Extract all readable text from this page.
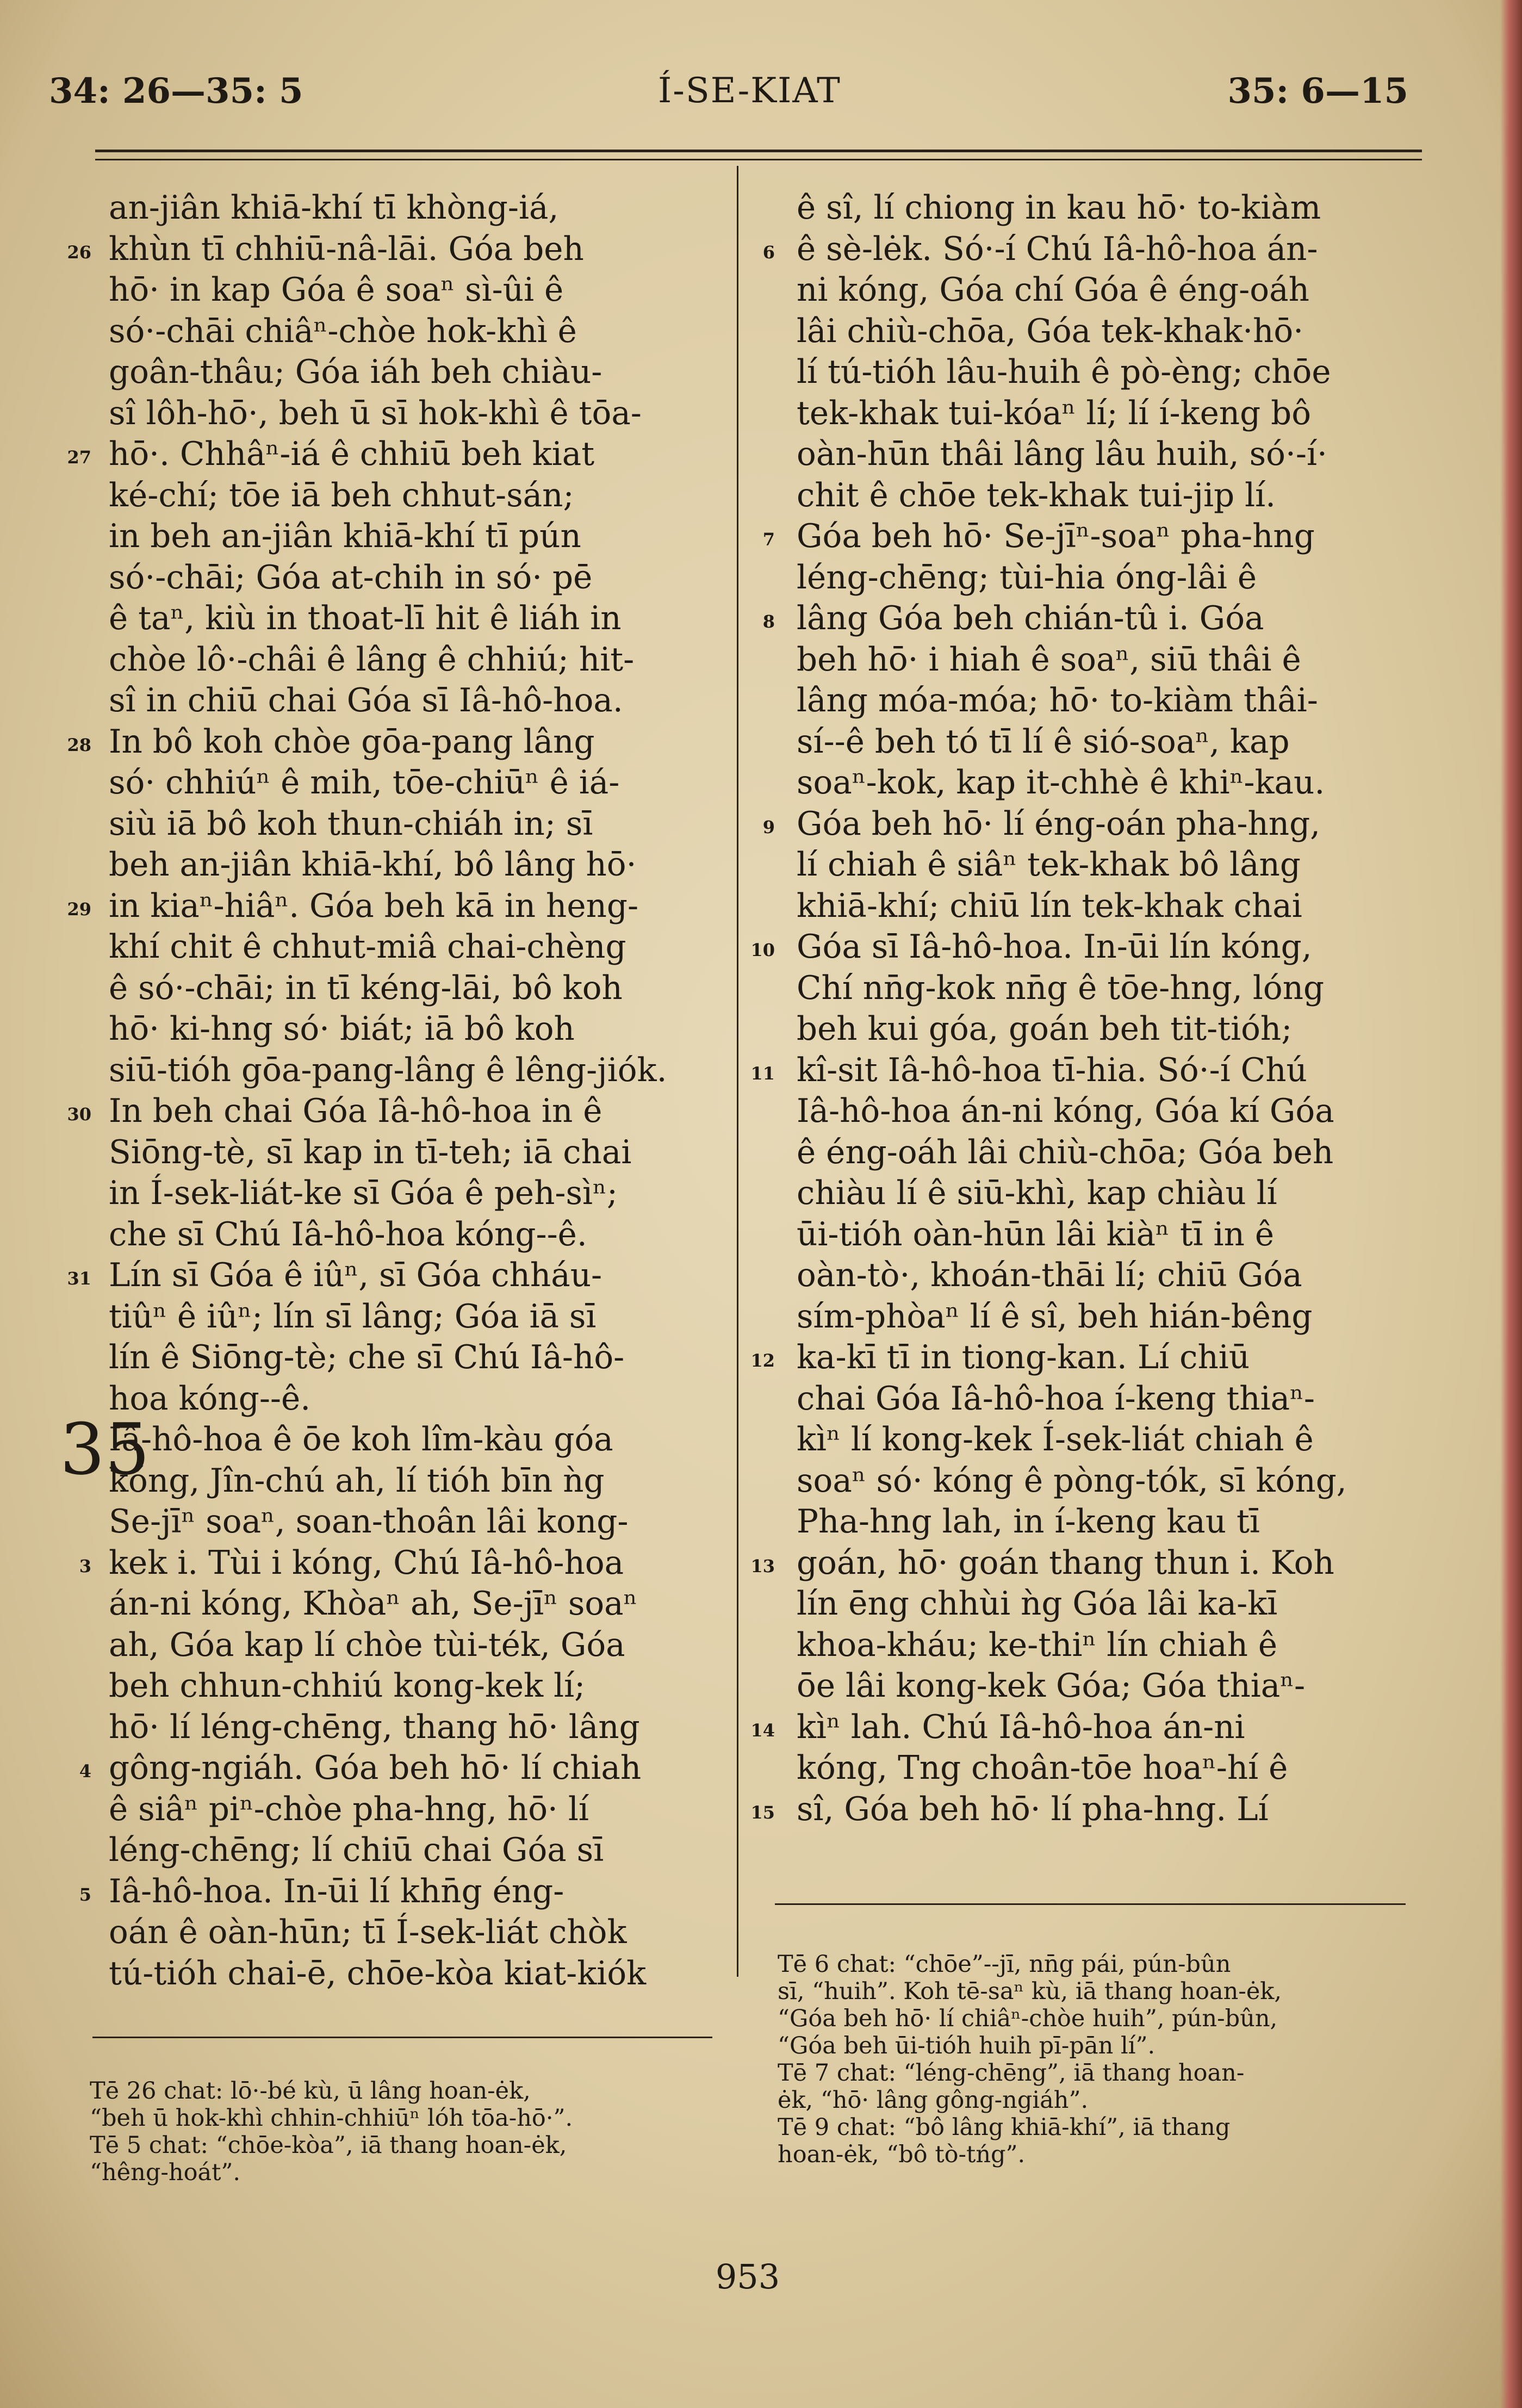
34: 26—35: 5	Í-SE-KIAT	35: 6—15
an-jiân khiā-khí tī khòng-iá,
26 khùn tī chhiū-nâ-lāi. Góa beh
hō· in kap Góa ê soaⁿ sì-ûi ê
só·-chāi chiâⁿ-chòe hok-khì ê
goân-thâu; Góa iáh beh chiàu-
sî lôh-hō·, beh ū sī hok-khì ê tōa-
27 hō·. Chhâⁿ-iá ê chhiū beh kiat
ké-chí; tōe iā beh chhut-sán;
in beh an-jiân khiā-khí tī pún
só·-chāi; Góa at-chih in só· pē
ê taⁿ, kiù in thoat-lī hit ê liáh in
chòe lô·-châi ê lâng ê chhiú; hit-
sî in chiū chai Góa sī Iâ-hô-hoa.
28 In bô koh chòe gōa-pang lâng
só· chhiúⁿ ê mih, tōe-chiūⁿ ê iá-
siù iā bô koh thun-chiáh in; sī
beh an-jiân khiā-khí, bô lâng hō·
29 in kiaⁿ-hiâⁿ. Góa beh kā in heng-
khí chit ê chhut-miâ chai-chèng
ê só·-chāi; in tī kéng-lāi, bô koh
hō· ki-hng só· biát; iā bô koh
siū-tióh gōa-pang-lâng ê lêng-jiók.
30 In beh chai Góa Iâ-hô-hoa in ê
Siōng-tè, sī kap in tī-teh; iā chai
in Í-sek-liát-ke sī Góa ê peh-sìⁿ;
che sī Chú Iâ-hô-hoa kóng--ê.
31 Lín sī Góa ê iûⁿ, sī Góa chháu-
tiûⁿ ê iûⁿ; lín sī lâng; Góa iā sī
lín ê Siōng-tè; che sī Chú Iâ-hô-
hoa kóng--ê.
35
Iâ-hô-hoa ê ōe koh lîm-kàu góa
kóng, Jîn-chú ah, lí tióh bīn ǹg
Se-jīⁿ soaⁿ, soan-thoân lâi kong-
3 kek i. Tùi i kóng, Chú Iâ-hô-hoa
án-ni kóng, Khòaⁿ ah, Se-jīⁿ soaⁿ
ah, Góa kap lí chòe tùi-ték, Góa
beh chhun-chhiú kong-kek lí;
hō· lí léng-chēng, thang hō· lâng
4 gông-ngiáh. Góa beh hō· lí chiah
ê siâⁿ piⁿ-chòe pha-hng, hō· lí
léng-chēng; lí chiū chai Góa sī
5 Iâ-hô-hoa. In-ūi lí khn̄g éng-
oán ê oàn-hūn; tī Í-sek-liát chòk
tú-tióh chai-ē, chōe-kòa kiat-kiók
ê sî, lí chiong in kau hō· to-kiàm
6 ê sè-lėk. Só·-í Chú Iâ-hô-hoa án-
ni kóng, Góa chí Góa ê éng-oáh
lâi chiù-chōa, Góa tek-khak·hō·
lí tú-tióh lâu-huih ê pò-èng; chōe
tek-khak tui-kóaⁿ lí; lí í-keng bô
oàn-hūn thâi lâng lâu huih, só·-í·
chit ê chōe tek-khak tui-jip lí.
7 Góa beh hō· Se-jīⁿ-soaⁿ pha-hng
léng-chēng; tùi-hia óng-lâi ê
8 lâng Góa beh chián-tû i. Góa
beh hō· i hiah ê soaⁿ, siū thâi ê
lâng móa-móa; hō· to-kiàm thâi-
sí--ê beh tó tī lí ê sió-soaⁿ, kap
soaⁿ-kok, kap it-chhè ê khiⁿ-kau.
9 Góa beh hō· lí éng-oán pha-hng,
lí chiah ê siâⁿ tek-khak bô lâng
khiā-khí; chiū lín tek-khak chai
10 Góa sī Iâ-hô-hoa. In-ūi lín kóng,
Chí nn̄g-kok nn̄g ê tōe-hng, lóng
beh kui góa, goán beh tit-tióh;
11 kî-sit Iâ-hô-hoa tī-hia. Só·-í Chú
Iâ-hô-hoa án-ni kóng, Góa kí Góa
ê éng-oáh lâi chiù-chōa; Góa beh
chiàu lí ê siū-khì, kap chiàu lí
ūi-tióh oàn-hūn lâi kiàⁿ tī in ê
oàn-tò·, khoán-thāi lí; chiū Góa
sím-phòaⁿ lí ê sî, beh hián-bêng
12 ka-kī tī in tiong-kan. Lí chiū
chai Góa Iâ-hô-hoa í-keng thiaⁿ-
kìⁿ lí kong-kek Í-sek-liát chiah ê
soaⁿ só· kóng ê pòng-tók, sī kóng,
Pha-hng lah, in í-keng kau tī
13 goán, hō· goán thang thun i. Koh
lín ēng chhùi ǹg Góa lâi ka-kī
khoa-kháu; ke-thiⁿ lín chiah ê
ōe lâi kong-kek Góa; Góa thiaⁿ-
14 kìⁿ lah. Chú Iâ-hô-hoa án-ni
kóng, Tng choân-tōe hoaⁿ-hí ê
15 sî, Góa beh hō· lí pha-hng. Lí
Tē 26 chat: lō·-bé kù, ū lâng hoan-ėk,
“beh ū hok-khì chhin-chhiūⁿ lóh tōa-hō·”.
Tē 5 chat: “chōe-kòa”, iā thang hoan-ėk,
“hêng-hoát”.
Tē 6 chat: “chōe”--jī, nn̄g pái, pún-bûn
sī, “huih”. Koh tē-saⁿ kù, iā thang hoan-ėk,
“Góa beh hō· lí chiâⁿ-chòe huih”, pún-bûn,
“Góa beh ūi-tióh huih pī-pān lí”.
Tē 7 chat: “léng-chēng”, iā thang hoan-
ėk, “hō· lâng gông-ngiáh”.
Tē 9 chat: “bô lâng khiā-khí”, iā thang
hoan-ėk, “bô tò-tńg”.
953
